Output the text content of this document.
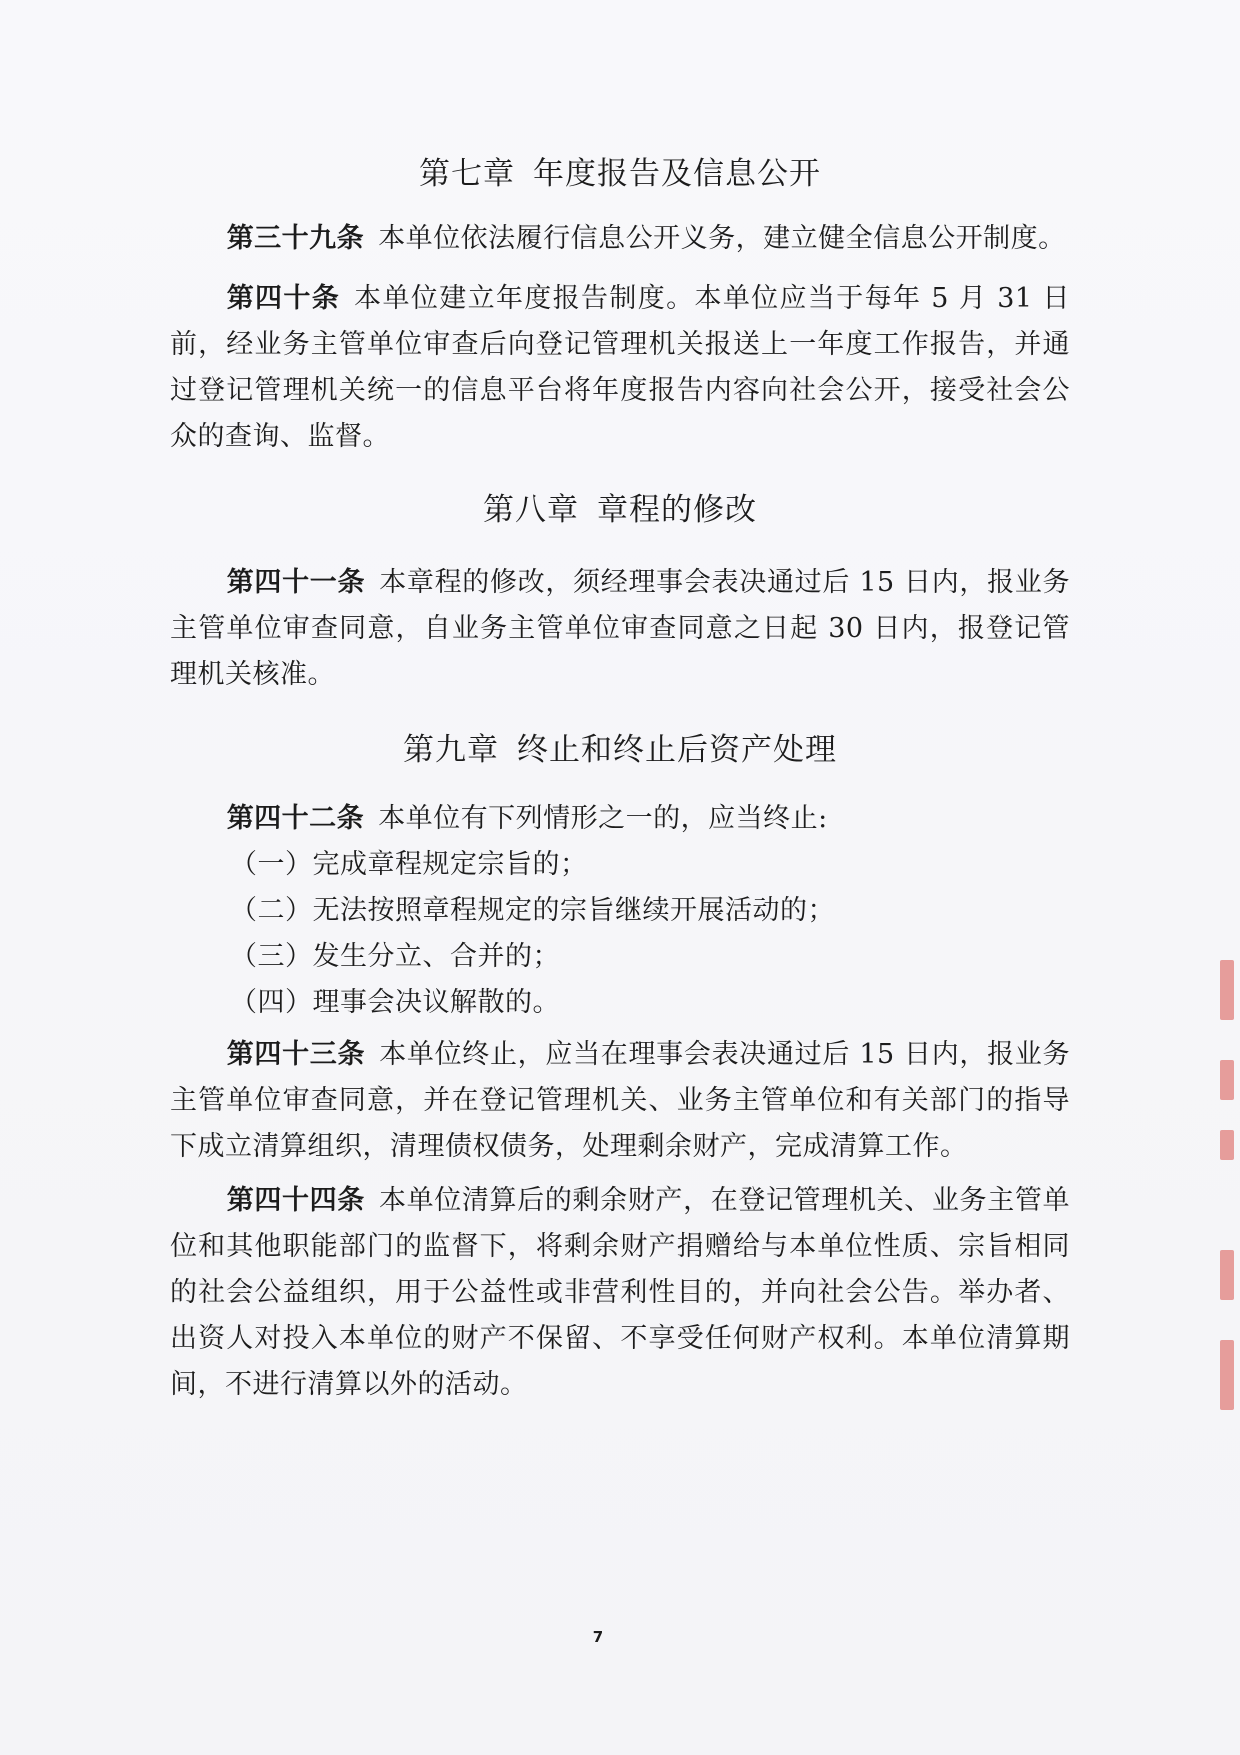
第七章 年度报告及信息公开

第三十九条 本单位依法履行信息公开义务，建立健全信息公开制度。

第四十条 本单位建立年度报告制度。本单位应当于每年 5 月 31 日前，经业务主管单位审查后向登记管理机关报送上一年度工作报告，并通过登记管理机关统一的信息平台将年度报告内容向社会公开，接受社会公众的查询、监督。

第八章 章程的修改

第四十一条 本章程的修改，须经理事会表决通过后 15 日内，报业务主管单位审查同意，自业务主管单位审查同意之日起 30 日内，报登记管理机关核准。

第九章 终止和终止后资产处理

第四十二条 本单位有下列情形之一的，应当终止:

（一）完成章程规定宗旨的；

（二）无法按照章程规定的宗旨继续开展活动的；

（三）发生分立、合并的；

（四）理事会决议解散的。

第四十三条 本单位终止，应当在理事会表决通过后 15 日内，报业务主管单位审查同意，并在登记管理机关、业务主管单位和有关部门的指导下成立清算组织，清理债权债务，处理剩余财产，完成清算工作。

第四十四条 本单位清算后的剩余财产，在登记管理机关、业务主管单位和其他职能部门的监督下，将剩余财产捐赠给与本单位性质、宗旨相同的社会公益组织，用于公益性或非营利性目的，并向社会公告。举办者、出资人对投入本单位的财产不保留、不享受任何财产权利。本单位清算期间，不进行清算以外的活动。

7
